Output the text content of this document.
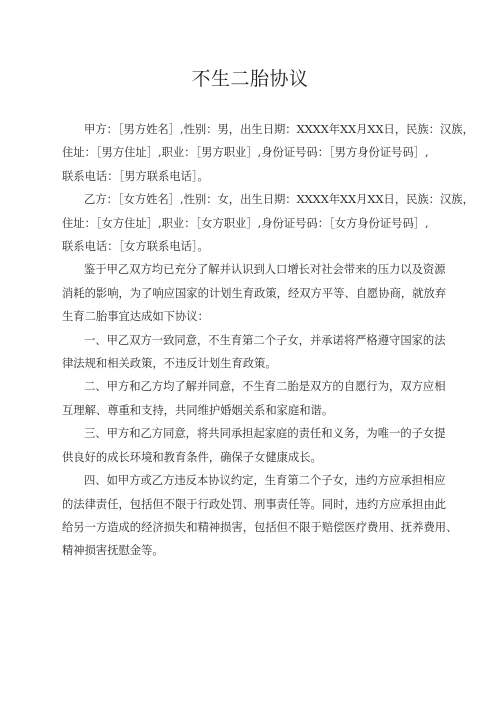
不生二胎协议

甲方：［男方姓名］,性别：男，出生日期：XXXX年XX月XX日，民族：汉族，
住址：［男方住址］,职业：［男方职业］,身份证号码：［男方身份证号码］,
联系电话：［男方联系电话］。

乙方：［女方姓名］,性别：女，出生日期：XXXX年XX月XX日，民族：汉族，
住址：［女方住址］,职业：［女方职业］,身份证号码：［女方身份证号码］,
联系电话：［女方联系电话］。

鉴于甲乙双方均已充分了解并认识到人口增长对社会带来的压力以及资源
消耗的影响，为了响应国家的计划生育政策，经双方平等、自愿协商，就放弃
生育二胎事宜达成如下协议：

一、甲乙双方一致同意，不生育第二个子女，并承诺将严格遵守国家的法
律法规和相关政策，不违反计划生育政策。

二、甲方和乙方均了解并同意，不生育二胎是双方的自愿行为，双方应相
互理解、尊重和支持，共同维护婚姻关系和家庭和谐。

三、甲方和乙方同意，将共同承担起家庭的责任和义务，为唯一的子女提
供良好的成长环境和教育条件，确保子女健康成长。

四、如甲方或乙方违反本协议约定，生育第二个子女，违约方应承担相应
的法律责任，包括但不限于行政处罚、刑事责任等。同时，违约方应承担由此
给另一方造成的经济损失和精神损害，包括但不限于赔偿医疗费用、抚养费用、
精神损害抚慰金等。
